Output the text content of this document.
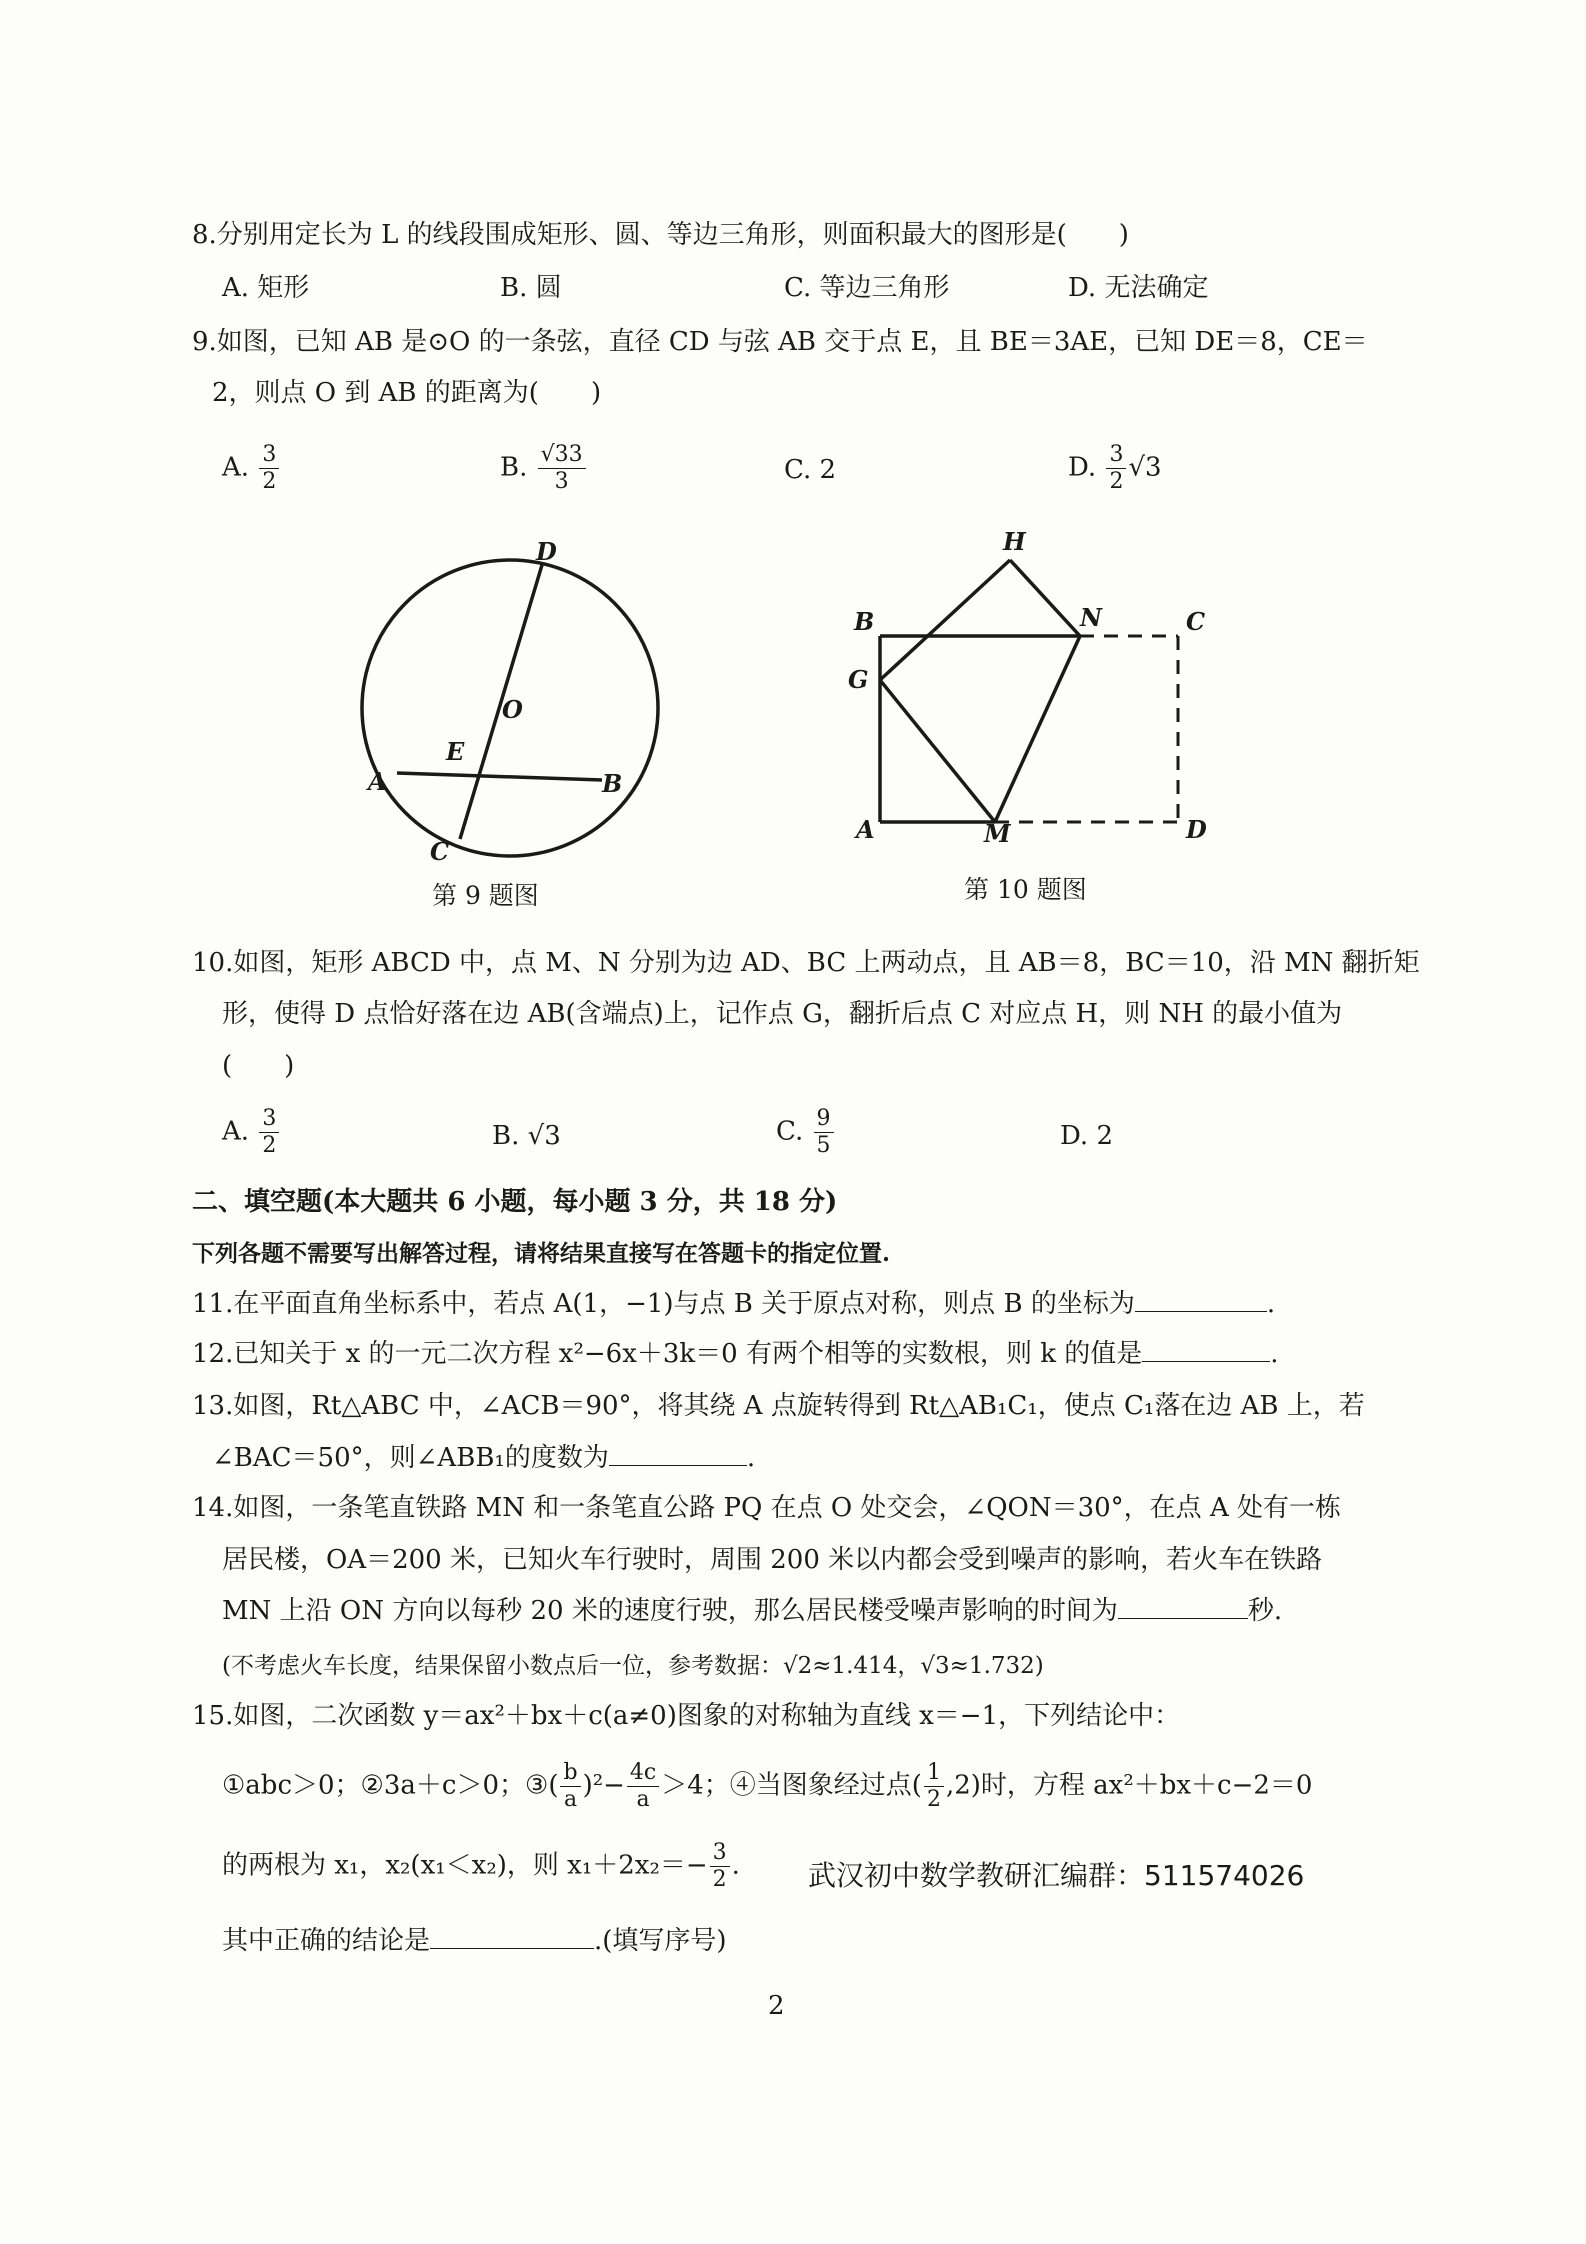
8.分别用定长为 L 的线段围成矩形、圆、等边三角形，则面积最大的图形是(　　)
A. 矩形	B. 圆	C. 等边三角形	D. 无法确定
9.如图，已知 AB 是⊙O 的一条弦，直径 CD 与弦 AB 交于点 E，且 BE＝3AE，已知 DE＝8，CE＝
2，则点 O 到 AB 的距离为(　　)
A. $\frac{3}{2}$	B. $\frac{√33}{3}$	C. 2	D. $\frac{3}{2} √3$
D
O
E
A	B
C
第 9 题图
H
B	N	C
G
A	M	D
第 10 题图
10.如图，矩形 ABCD 中，点 M、N 分别为边 AD、BC 上两动点，且 AB＝8，BC＝10，沿 MN 翻折矩
形，使得 D 点恰好落在边 AB(含端点)上，记作点 G，翻折后点 C 对应点 H，则 NH 的最小值为
(　　)
A. $\frac{3}{2}$	B. √3	C. $\frac{9}{5}$	D. 2
二、填空题(本大题共 6 小题，每小题 3 分，共 18 分)
下列各题不需要写出解答过程，请将结果直接写在答题卡的指定位置.
11.在平面直角坐标系中，若点 A(1，−1)与点 B 关于原点对称，则点 B 的坐标为	.
12.已知关于 x 的一元二次方程 x²−6x＋3k＝0 有两个相等的实数根，则 k 的值是	.
13.如图，Rt△ABC 中，∠ACB＝90°，将其绕 A 点旋转得到 Rt△AB₁C₁，使点 C₁落在边 AB 上，若
∠BAC＝50°，则∠ABB₁的度数为	.
14.如图，一条笔直铁路 MN 和一条笔直公路 PQ 在点 O 处交会，∠QON＝30°，在点 A 处有一栋
居民楼，OA＝200 米，已知火车行驶时，周围 200 米以内都会受到噪声的影响，若火车在铁路
MN 上沿 ON 方向以每秒 20 米的速度行驶，那么居民楼受噪声影响的时间为	秒.
(不考虑火车长度，结果保留小数点后一位，参考数据：√2≈1.414，√3≈1.732)
15.如图，二次函数 y＝ax²＋bx＋c(a≠0)图象的对称轴为直线 x＝−1，下列结论中：
①abc＞0；②3a＋c＞0；③( $\frac{b}{a} )^2- \frac{4c}{a} >4$；④当图象经过点( $\frac{1}{2} ,2$)时，方程 ax²＋bx＋c−2＝0
的两根为 x₁，x₂(x₁＜x₂)，则 $x_1+2x_2=- \frac{3}{2}$ . 武汉初中数学教研汇编群：511574026
其中正确的结论是	.(填写序号)
2
